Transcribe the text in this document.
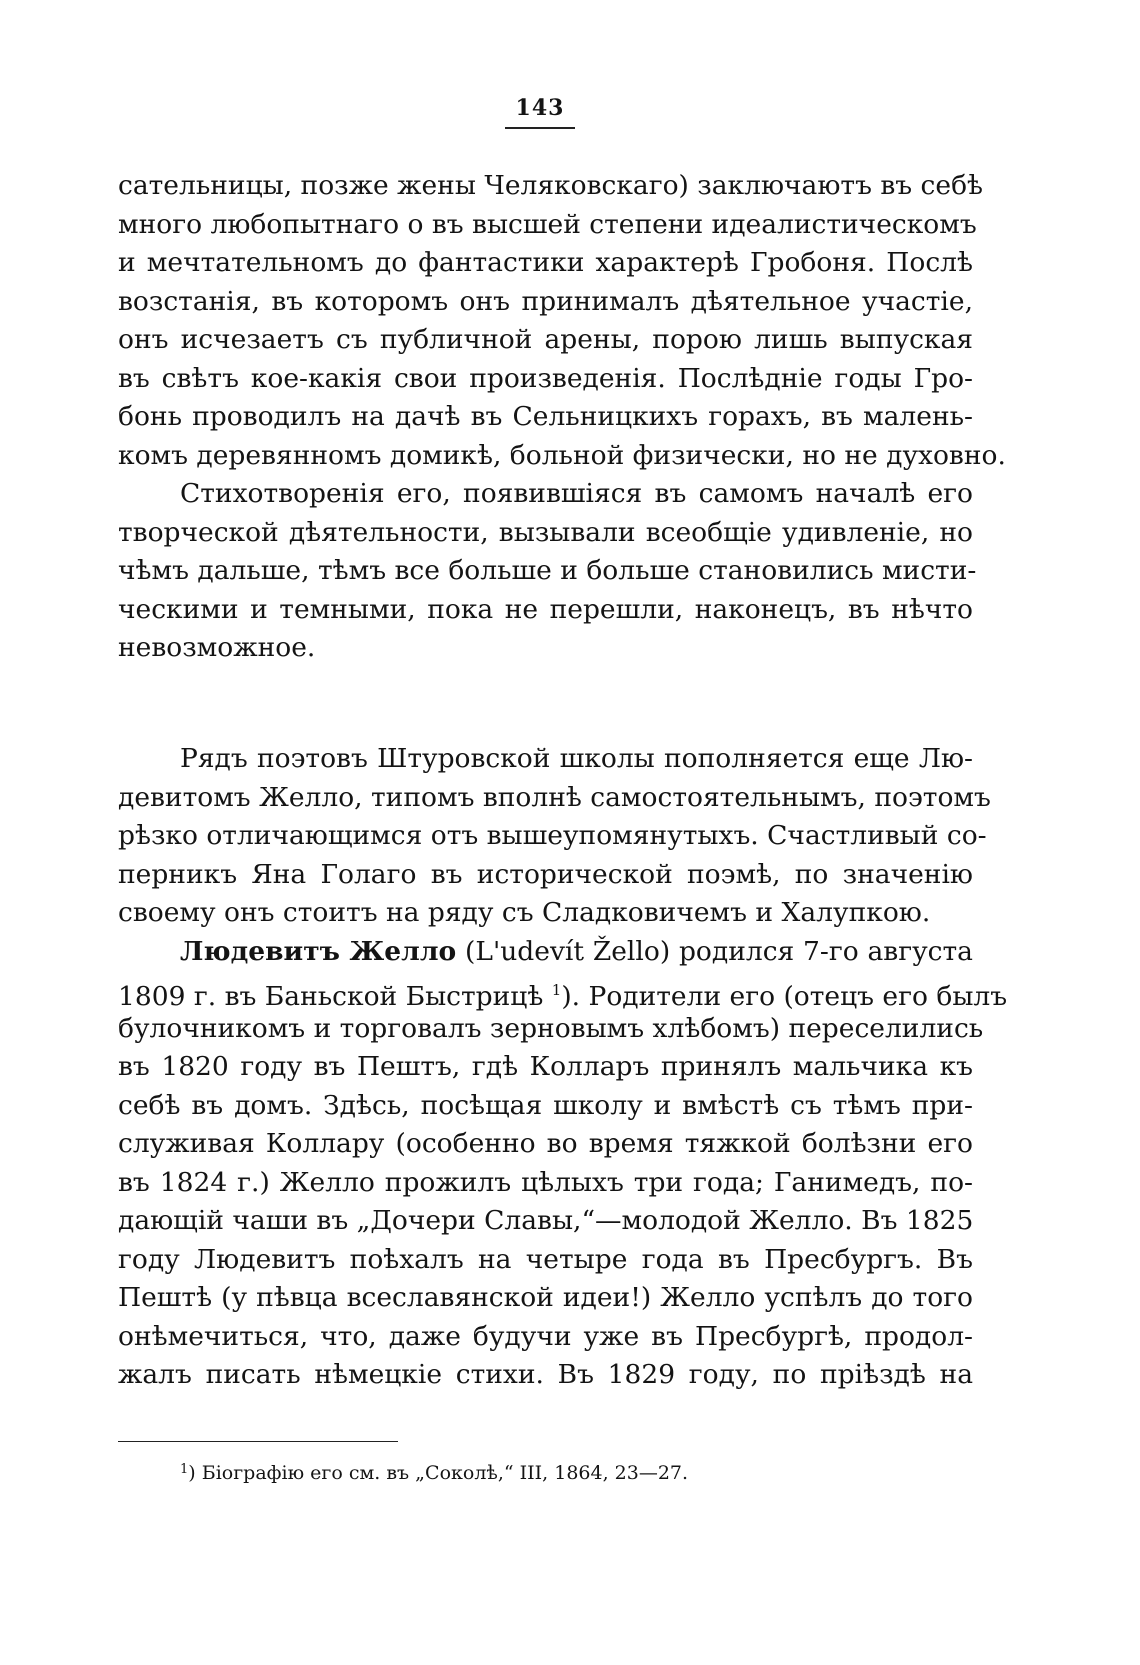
143
сательницы, позже жены Челяковскаго) заключаютъ въ себѣ
много любопытнаго о въ высшей степени идеалистическомъ
и мечтательномъ до фантастики характерѣ Гробоня. Послѣ
возстанія, въ которомъ онъ принималъ дѣятельное участіе,
онъ исчезаетъ съ публичной арены, порою лишь выпуская
въ свѣтъ кое-какія свои произведенія. Послѣдніе годы Гро-
бонь проводилъ на дачѣ въ Сельницкихъ горахъ, въ малень-
комъ деревянномъ домикѣ, больной физически, но не духовно.
Стихотворенія его, появившіяся въ самомъ началѣ его
творческой дѣятельности, вызывали всеобщіе удивленіе, но
чѣмъ дальше, тѣмъ все больше и больше становились мисти-
ческими и темными, пока не перешли, наконецъ, въ нѣчто
невозможное.
Рядъ поэтовъ Штуровской школы пополняется еще Лю-
девитомъ Желло, типомъ вполнѣ самостоятельнымъ, поэтомъ
рѣзко отличающимся отъ вышеупомянутыхъ. Счастливый со-
перникъ Яна Голаго въ исторической поэмѣ, по значенію
своему онъ стоитъ на ряду съ Сладковичемъ и Халупкою.
Людевитъ Желло (L'udevít Žello) родился 7-го августа
1809 г. въ Баньской Быстрицѣ $^1$). Родители его (отецъ его былъ
булочникомъ и торговалъ зерновымъ хлѣбомъ) переселились
въ 1820 году въ Пештъ, гдѣ Колларъ принялъ мальчика къ
себѣ въ домъ. Здѣсь, посѣщая школу и вмѣстѣ съ тѣмъ при-
служивая Коллару (особенно во время тяжкой болѣзни его
въ 1824 г.) Желло прожилъ цѣлыхъ три года; Ганимедъ, по-
дающій чаши въ „Дочери Славы,“—молодой Желло. Въ 1825
году Людевитъ поѣхалъ на четыре года въ Пресбургъ. Въ
Пештѣ (у пѣвца всеславянской идеи!) Желло успѣлъ до того
онѣмечиться, что, даже будучи уже въ Пресбургѣ, продол-
жалъ писать нѣмецкіе стихи. Въ 1829 году, по пріѣздѣ на
$^1$) Біографію его см. въ „Соколѣ,“ III, 1864, 23—27.
